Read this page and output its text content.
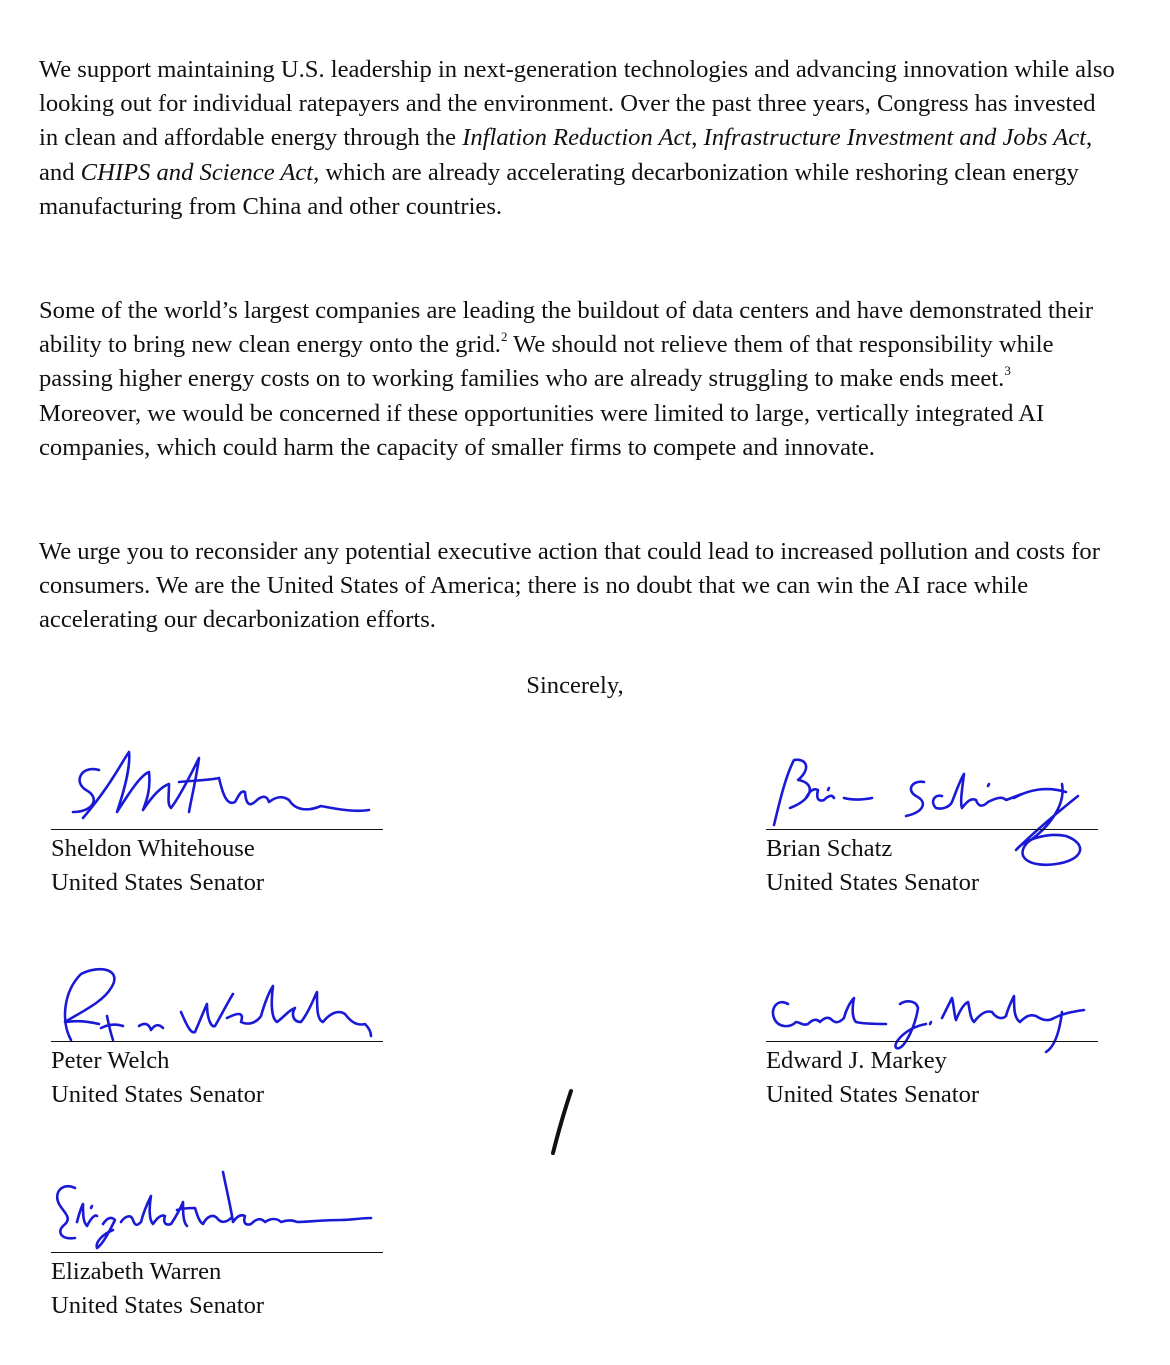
We support maintaining U.S. leadership in next-generation technologies and advancing innovation while also looking out for individual ratepayers and the environment. Over the past three years, Congress has invested in clean and affordable energy through the Inflation Reduction Act, Infrastructure Investment and Jobs Act, and CHIPS and Science Act, which are already accelerating decarbonization while reshoring clean energy manufacturing from China and other countries.

Some of the world’s largest companies are leading the buildout of data centers and have demonstrated their ability to bring new clean energy onto the grid.$^2$ We should not relieve them of that responsibility while passing higher energy costs on to working families who are already struggling to make ends meet.$^3$ Moreover, we would be concerned if these opportunities were limited to large, vertically integrated AI companies, which could harm the capacity of smaller firms to compete and innovate.

We urge you to reconsider any potential executive action that could lead to increased pollution and costs for consumers. We are the United States of America; there is no doubt that we can win the AI race while accelerating our decarbonization efforts.

Sincerely,
Sheldon Whitehouse
United States Senator
Brian Schatz
United States Senator
Peter Welch
United States Senator
Edward J. Markey
United States Senator
Elizabeth Warren
United States Senator
